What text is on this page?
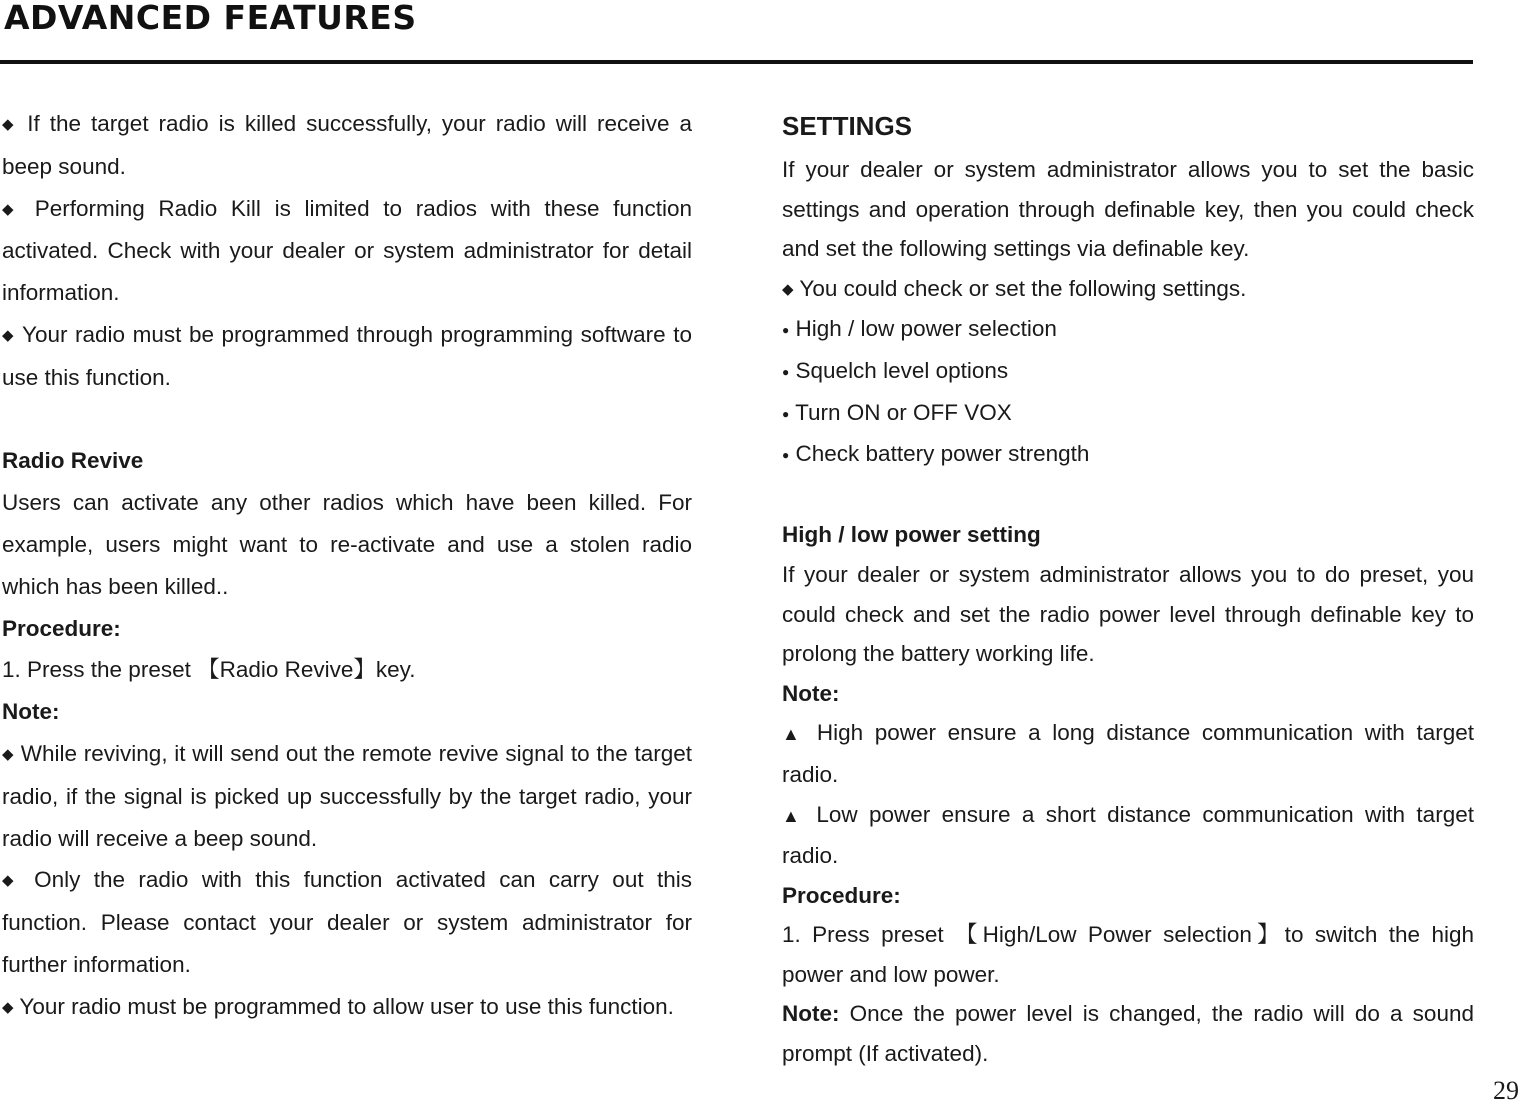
ADVANCED FEATURES

◆ If the target radio is killed successfully, your radio will receive a beep sound.

◆ Performing Radio Kill is limited to radios with these function activated. Check with your dealer or system administrator for detail information.

◆ Your radio must be programmed through programming software to use this function.

Radio Revive

Users can activate any other radios which have been killed. For example, users might want to re-activate and use a stolen radio which has been killed..

Procedure:

1. Press the preset 【Radio Revive】key.

Note:

◆ While reviving, it will send out the remote revive signal to the target radio, if the signal is picked up successfully by the target radio, your radio will receive a beep sound.

◆ Only the radio with this function activated can carry out this function. Please contact your dealer or system administrator for further information.

◆ Your radio must be programmed to allow user to use this function.

SETTINGS

If your dealer or system administrator allows you to set the basic settings and operation through definable key, then you could check and set the following settings via definable key.

◆ You could check or set the following settings.

● High / low power selection

● Squelch level options

● Turn ON or OFF VOX

● Check battery power strength

High / low power setting

If your dealer or system administrator allows you to do preset, you could check and set the radio power level through definable key to prolong the battery working life.

Note:

▲ High power ensure a long distance communication with target radio.

▲ Low power ensure a short distance communication with target radio.

Procedure:

1. Press preset 【High/Low Power selection】to switch the high power and low power.

Note: Once the power level is changed, the radio will do a sound prompt (If activated).

29
